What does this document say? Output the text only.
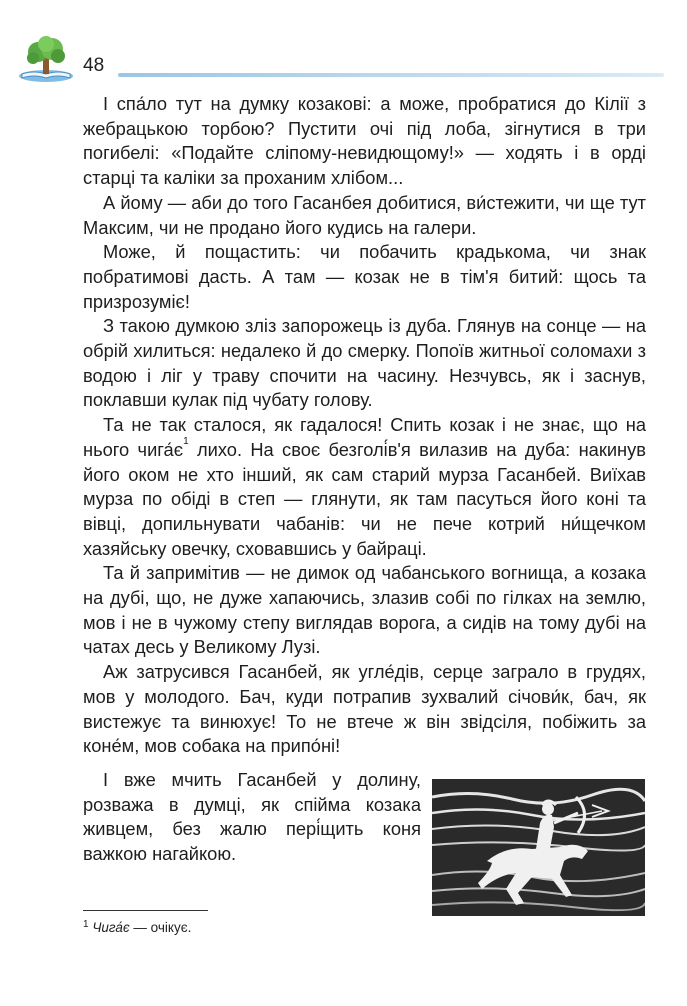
48

І спа́ло тут на думку козакові: а може, пробратися до Кілії з жебрацькою торбою? Пустити очі під лоба, зігнутися в три погибелі: «Подайте сліпому-невидющому!» — ходять і в орді старці та каліки за проханим хлібом...

А йому — аби до того Гасанбея добитися, ви́стежити, чи ще тут Максим, чи не продано його кудись на галери.

Може, й пощастить: чи побачить крадькома, чи знак побратимові дасть. А там — козак не в тім'я битий: щось та призрозуміє!

З такою думкою зліз запорожець із дуба. Глянув на сонце — на обрій хилиться: недалеко й до смерку. Попоїв житньої соломахи з водою і ліг у траву спочити на часину. Незчувсь, як і заснув, поклавши кулак під чубату голову.

Та не так сталося, як гадалося! Спить козак і не знає, що на нього $чига́є^1$ лихо. На своє безголі́в'я вилазив на дуба: накинув його оком не хто інший, як сам старий мурза Гасанбей. Виїхав мурза по обіді в степ — глянути, як там пасуться його коні та вівці, допильнувати чабанів: чи не пече котрий ни́щечком хазяйську овечку, сховавшись у байраці.

Та й запримітив — не димок од чабанського вогнища, а козака на дубі, що, не дуже хапаючись, злазив собі по гілках на землю, мов і не в чужому степу виглядав ворога, а сидів на тому дубі на чатах десь у Великому Лузі.

Аж затрусився Гасанбей, як угле́дів, серце заграло в грудях, мов у молодого. Бач, куди потрапив зухвалий січови́к, бач, як вистежує та винюхує! То не втече ж він звідсіля, побіжить за коне́м, мов собака на припо́ні!

І вже мчить Гасанбей у долину, розважа в думці, як спійма козака живцем, без жалю пері́щить коня важкою нагайкою.

$^1$ Чига́є — очікує.
